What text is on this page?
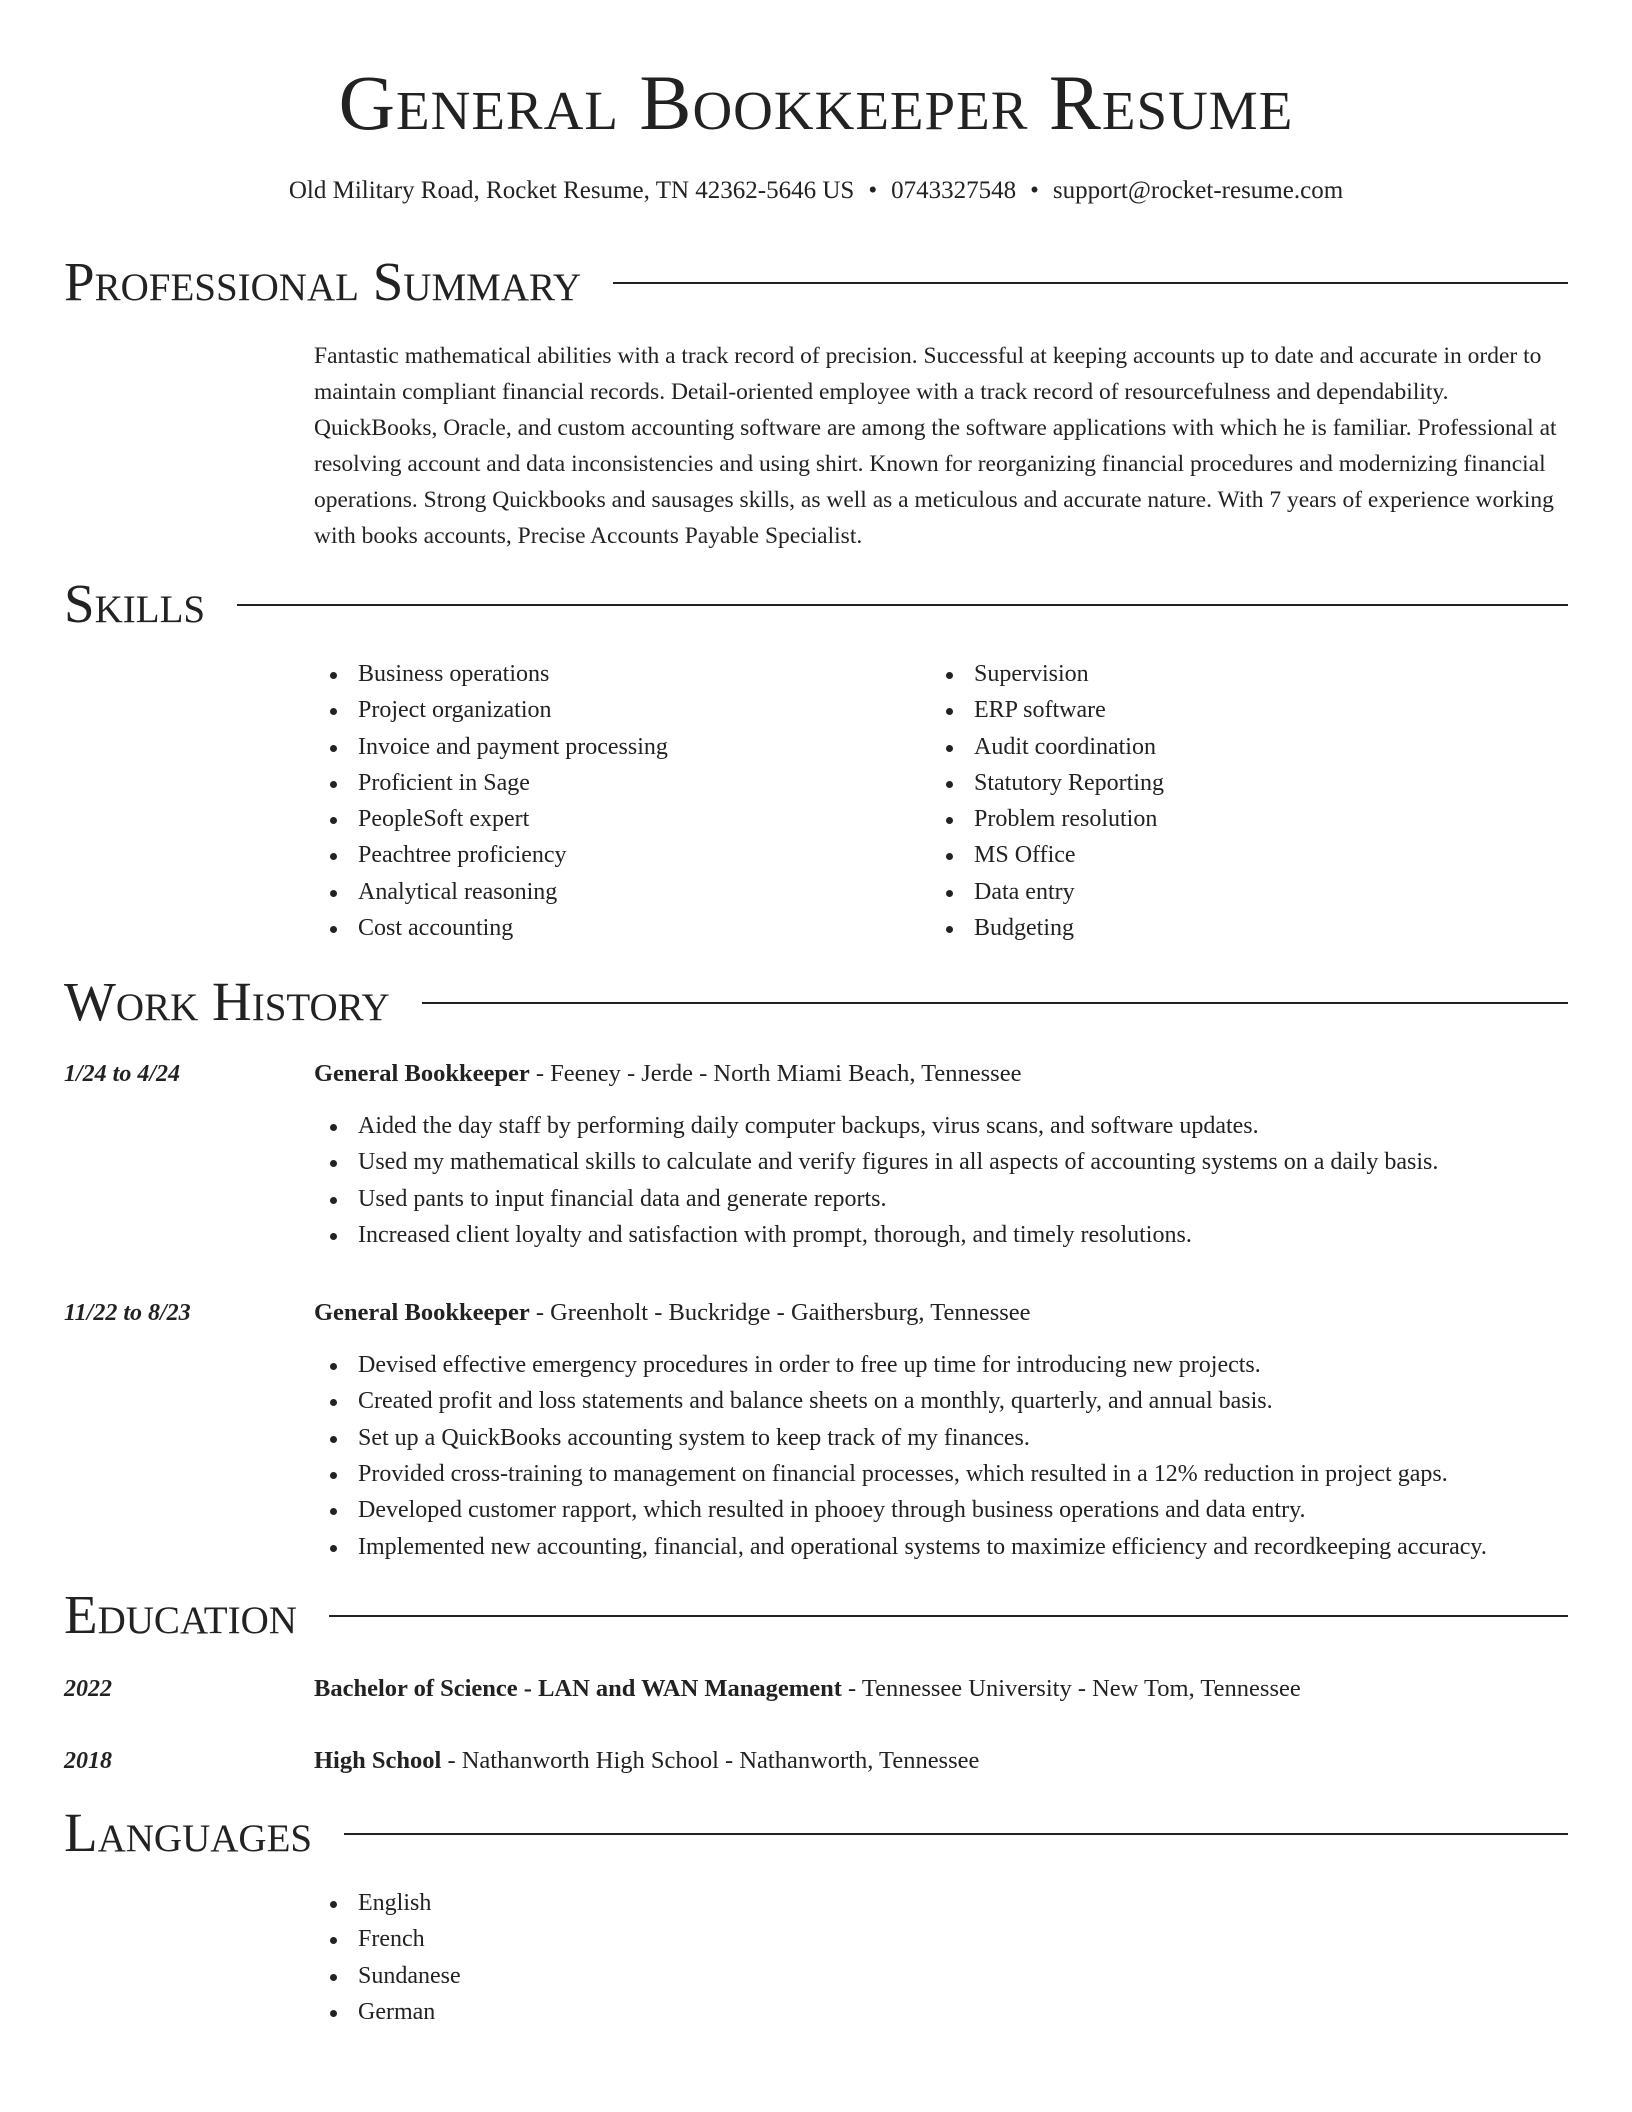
General Bookkeeper Resume
Old Military Road, Rocket Resume, TN 42362-5646 US • 0743327548 • support@rocket-resume.com
Professional Summary

Fantastic mathematical abilities with a track record of precision. Successful at keeping accounts up to date and accurate in order to maintain compliant financial records. Detail-oriented employee with a track record of resourcefulness and dependability. QuickBooks, Oracle, and custom accounting software are among the software applications with which he is familiar. Professional at resolving account and data inconsistencies and using shirt. Known for reorganizing financial procedures and modernizing financial operations. Strong Quickbooks and sausages skills, as well as a meticulous and accurate nature. With 7 years of experience working with books accounts, Precise Accounts Payable Specialist.

Skills
Business operations
Project organization
Invoice and payment processing
Proficient in Sage
PeopleSoft expert
Peachtree proficiency
Analytical reasoning
Cost accounting
Supervision
ERP software
Audit coordination
Statutory Reporting
Problem resolution
MS Office
Data entry
Budgeting
Work History
1/24 to 4/24	General Bookkeeper - Feeney - Jerde - North Miami Beach, Tennessee
Aided the day staff by performing daily computer backups, virus scans, and software updates.
Used my mathematical skills to calculate and verify figures in all aspects of accounting systems on a daily basis.
Used pants to input financial data and generate reports.
Increased client loyalty and satisfaction with prompt, thorough, and timely resolutions.
11/22 to 8/23	General Bookkeeper - Greenholt - Buckridge - Gaithersburg, Tennessee
Devised effective emergency procedures in order to free up time for introducing new projects.
Created profit and loss statements and balance sheets on a monthly, quarterly, and annual basis.
Set up a QuickBooks accounting system to keep track of my finances.
Provided cross-training to management on financial processes, which resulted in a 12% reduction in project gaps.
Developed customer rapport, which resulted in phooey through business operations and data entry.
Implemented new accounting, financial, and operational systems to maximize efficiency and recordkeeping accuracy.
Education
2022	Bachelor of Science - LAN and WAN Management - Tennessee University - New Tom, Tennessee
2018	High School - Nathanworth High School - Nathanworth, Tennessee
Languages
English
French
Sundanese
German
